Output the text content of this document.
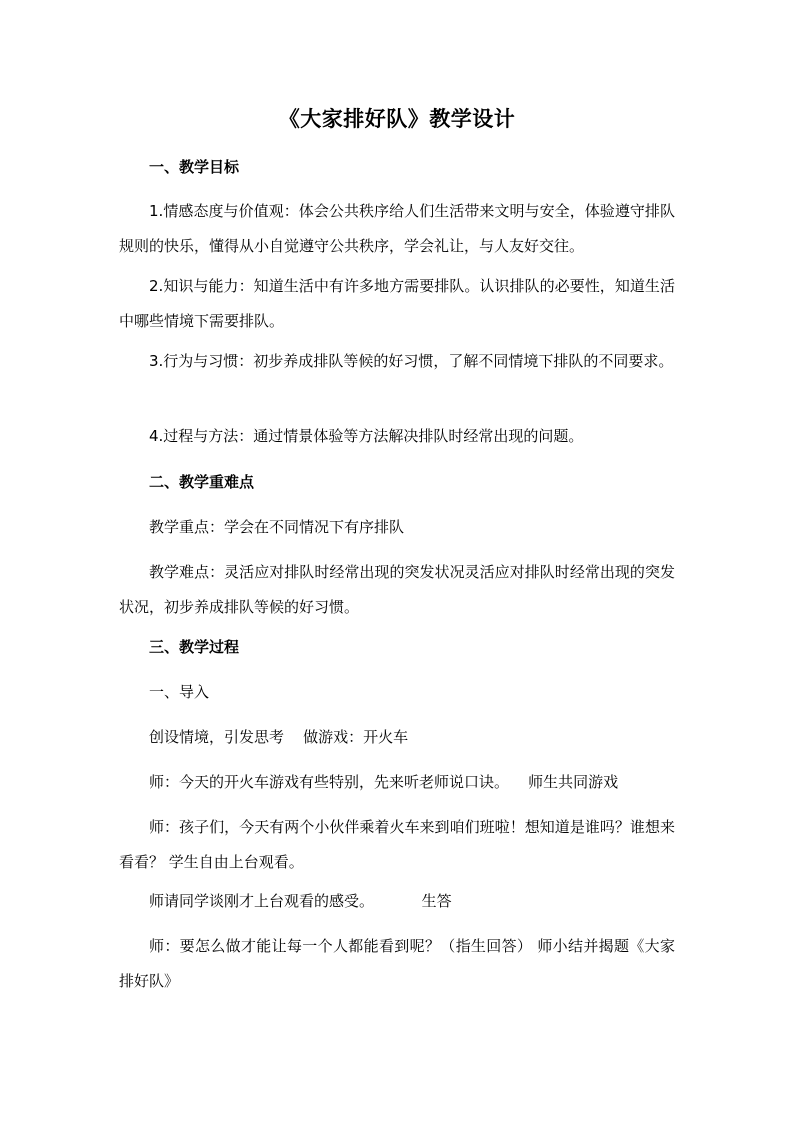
《大家排好队》教学设计
一、教学目标
1.情感态度与价值观：体会公共秩序给人们生活带来文明与安全，体验遵守排队规则的快乐，懂得从小自觉遵守公共秩序，学会礼让，与人友好交往。
2.知识与能力：知道生活中有许多地方需要排队。认识排队的必要性，知道生活中哪些情境下需要排队。
3.行为与习惯：初步养成排队等候的好习惯，了解不同情境下排队的不同要求。
4.过程与方法：通过情景体验等方法解决排队时经常出现的问题。
二、教学重难点
教学重点：学会在不同情况下有序排队
教学难点：灵活应对排队时经常出现的突发状况灵活应对排队时经常出现的突发状况，初步养成排队等候的好习惯。
三、教学过程
一、导入
创设情境，引发思考    做游戏：开火车
师：今天的开火车游戏有些特别，先来听老师说口诀。    师生共同游戏
师：孩子们，今天有两个小伙伴乘着火车来到咱们班啦！想知道是谁吗？谁想来看看？ 学生自由上台观看。
师请同学谈刚才上台观看的感受。          生答
师：要怎么做才能让每一个人都能看到呢？（指生回答） 师小结并揭题《大家排好队》
